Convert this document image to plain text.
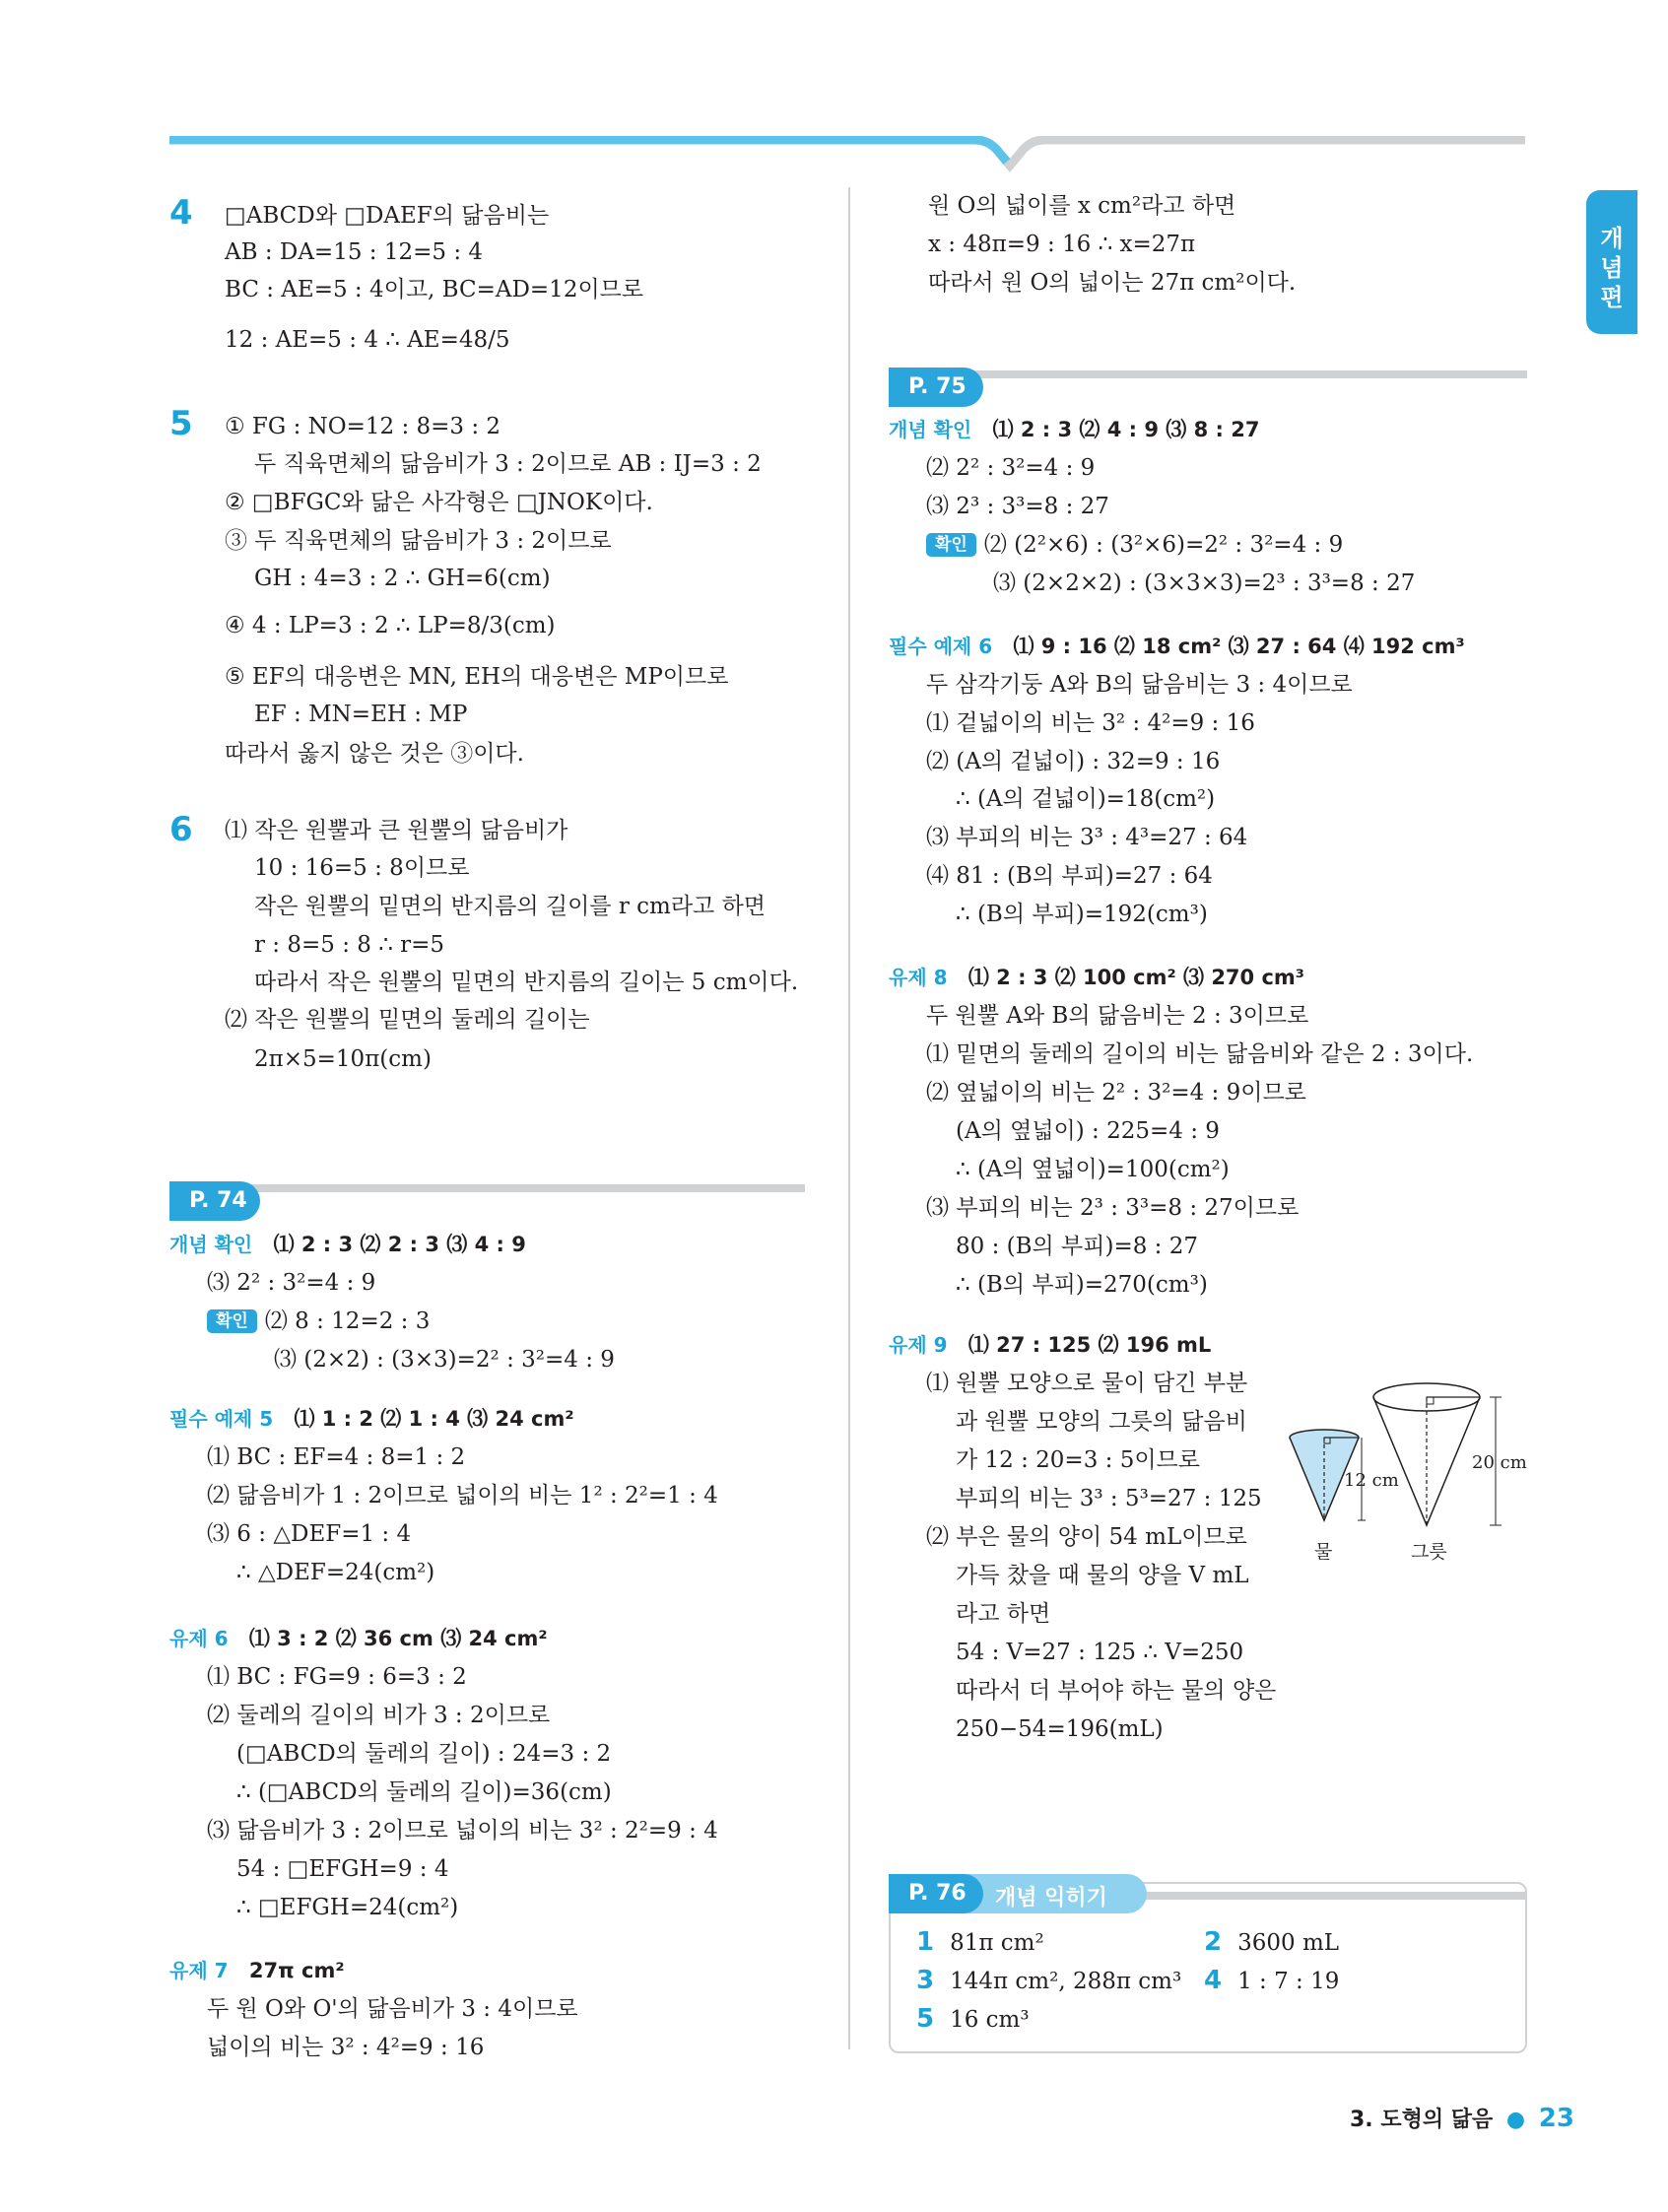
개념편
4 □ABCD와 □DAEF의 닮음비는
AB : DA=15 : 12=5 : 4
BC : AE=5 : 4이고, BC=AD=12이므로
12 : AE=5 : 4 ∴ AE=48/5
5 ① FG : NO=12 : 8=3 : 2
두 직육면체의 닮음비가 3 : 2이므로 AB : IJ=3 : 2
② □BFGC와 닮은 사각형은 □JNOK이다.
③ 두 직육면체의 닮음비가 3 : 2이므로
GH : 4=3 : 2 ∴ GH=6(cm)
④ 4 : LP=3 : 2 ∴ LP=8/3(cm)
⑤ EF의 대응변은 MN, EH의 대응변은 MP이므로
EF : MN=EH : MP
따라서 옳지 않은 것은 ③이다.
6 ⑴ 작은 원뿔과 큰 원뿔의 닮음비가
10 : 16=5 : 8이므로
작은 원뿔의 밑면의 반지름의 길이를 r cm라고 하면
r : 8=5 : 8 ∴ r=5
따라서 작은 원뿔의 밑면의 반지름의 길이는 5 cm이다.
⑵ 작은 원뿔의 밑면의 둘레의 길이는
2π×5=10π(cm)
P. 74
개념 확인 ⑴ 2 : 3 ⑵ 2 : 3 ⑶ 4 : 9
⑶ 2² : 3²=4 : 9
확인 ⑵ 8 : 12=2 : 3
⑶ (2×2) : (3×3)=2² : 3²=4 : 9
필수 예제 5 ⑴ 1 : 2 ⑵ 1 : 4 ⑶ 24 cm²
⑴ BC : EF=4 : 8=1 : 2
⑵ 닮음비가 1 : 2이므로 넓이의 비는 1² : 2²=1 : 4
⑶ 6 : △DEF=1 : 4
∴ △DEF=24(cm²)
유제 6 ⑴ 3 : 2 ⑵ 36 cm ⑶ 24 cm²
⑴ BC : FG=9 : 6=3 : 2
⑵ 둘레의 길이의 비가 3 : 2이므로
(□ABCD의 둘레의 길이) : 24=3 : 2
∴ (□ABCD의 둘레의 길이)=36(cm)
⑶ 닮음비가 3 : 2이므로 넓이의 비는 3² : 2²=9 : 4
54 : □EFGH=9 : 4
∴ □EFGH=24(cm²)
유제 7 27π cm²
두 원 O와 O'의 닮음비가 3 : 4이므로
넓이의 비는 3² : 4²=9 : 16
원 O의 넓이를 x cm²라고 하면
x : 48π=9 : 16 ∴ x=27π
따라서 원 O의 넓이는 27π cm²이다.
P. 75
개념 확인 ⑴ 2 : 3 ⑵ 4 : 9 ⑶ 8 : 27
⑵ 2² : 3²=4 : 9
⑶ 2³ : 3³=8 : 27
확인 ⑵ (2²×6) : (3²×6)=2² : 3²=4 : 9
⑶ (2×2×2) : (3×3×3)=2³ : 3³=8 : 27
필수 예제 6 ⑴ 9 : 16 ⑵ 18 cm² ⑶ 27 : 64 ⑷ 192 cm³
두 삼각기둥 A와 B의 닮음비는 3 : 4이므로
⑴ 겉넓이의 비는 3² : 4²=9 : 16
⑵ (A의 겉넓이) : 32=9 : 16
∴ (A의 겉넓이)=18(cm²)
⑶ 부피의 비는 3³ : 4³=27 : 64
⑷ 81 : (B의 부피)=27 : 64
∴ (B의 부피)=192(cm³)
유제 8 ⑴ 2 : 3 ⑵ 100 cm² ⑶ 270 cm³
두 원뿔 A와 B의 닮음비는 2 : 3이므로
⑴ 밑면의 둘레의 길이의 비는 닮음비와 같은 2 : 3이다.
⑵ 옆넓이의 비는 2² : 3²=4 : 9이므로
(A의 옆넓이) : 225=4 : 9
∴ (A의 옆넓이)=100(cm²)
⑶ 부피의 비는 2³ : 3³=8 : 27이므로
80 : (B의 부피)=8 : 27
∴ (B의 부피)=270(cm³)
유제 9 ⑴ 27 : 125 ⑵ 196 mL
⑴ 원뿔 모양으로 물이 담긴 부분
과 원뿔 모양의 그릇의 닮음비
가 12 : 20=3 : 5이므로
부피의 비는 3³ : 5³=27 : 125
⑵ 부은 물의 양이 54 mL이므로
가득 찼을 때 물의 양을 V mL
라고 하면
54 : V=27 : 125 ∴ V=250
따라서 더 부어야 하는 물의 양은
250−54=196(mL)
12 cm
20 cm
물	그릇
P. 76	개념 익히기
1 81π cm²	2 3600 mL
3 144π cm², 288π cm³ 4 1 : 7 : 19
5 16 cm³
3. 도형의 닮음 ● 23
